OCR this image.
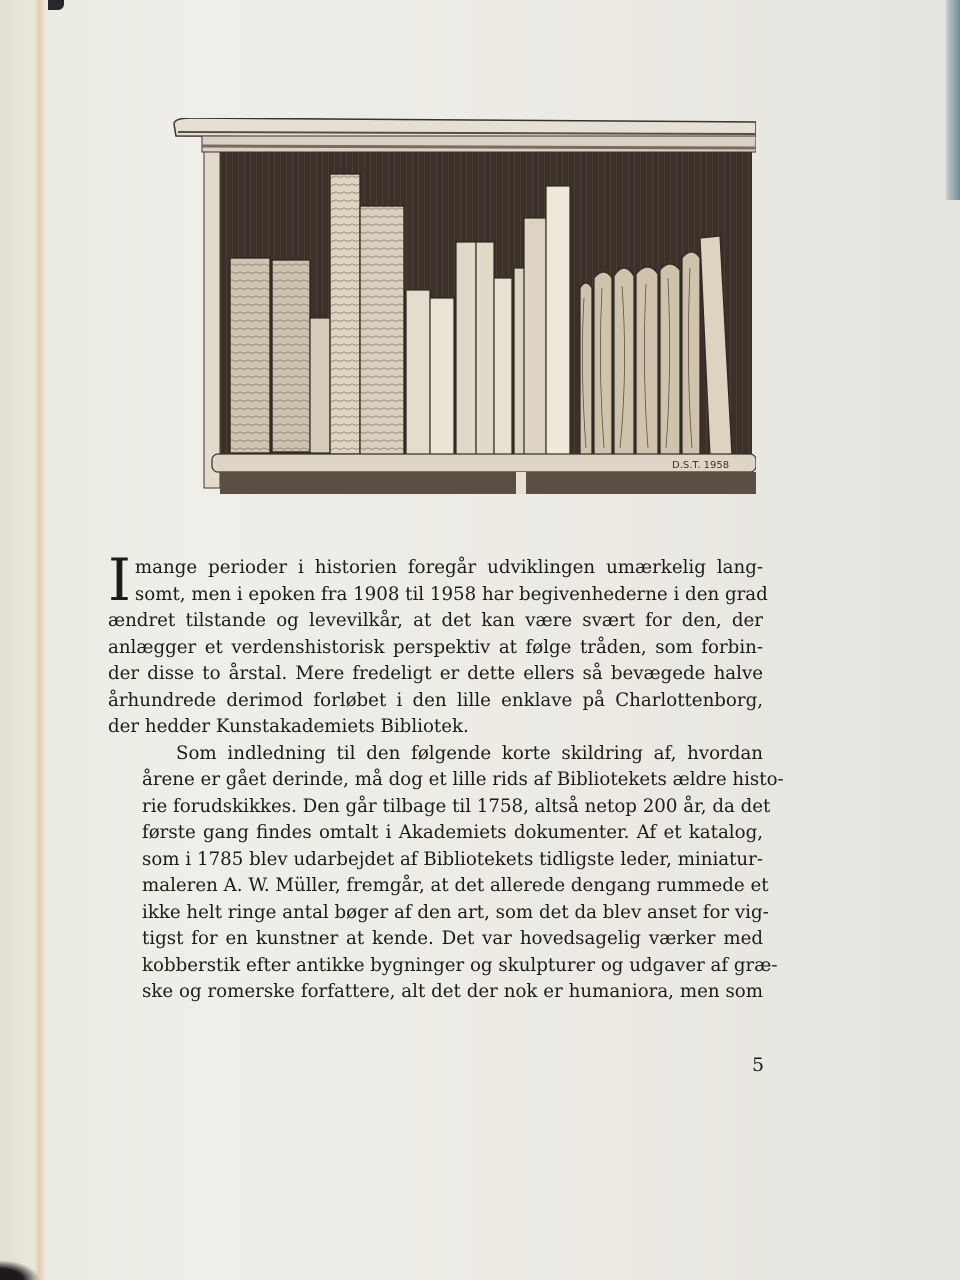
D.S.T. 1958

I mange perioder i historien foregår udviklingen umærkelig lang-
somt, men i epoken fra 1908 til 1958 har begivenhederne i den grad
ændret tilstande og levevilkår, at det kan være svært for den, der
anlægger et verdenshistorisk perspektiv at følge tråden, som forbin-
der disse to årstal. Mere fredeligt er dette ellers så bevægede halve
århundrede derimod forløbet i den lille enklave på Charlottenborg,
der hedder Kunstakademiets Bibliotek.

Som indledning til den følgende korte skildring af, hvordan
årene er gået derinde, må dog et lille rids af Bibliotekets ældre histo-
rie forudskikkes. Den går tilbage til 1758, altså netop 200 år, da det
første gang findes omtalt i Akademiets dokumenter. Af et katalog,
som i 1785 blev udarbejdet af Bibliotekets tidligste leder, miniatur-
maleren A. W. Müller, fremgår, at det allerede dengang rummede et
ikke helt ringe antal bøger af den art, som det da blev anset for vig-
tigst for en kunstner at kende. Det var hovedsagelig værker med
kobberstik efter antikke bygninger og skulpturer og udgaver af græ-
ske og romerske forfattere, alt det der nok er humaniora, men som

5
